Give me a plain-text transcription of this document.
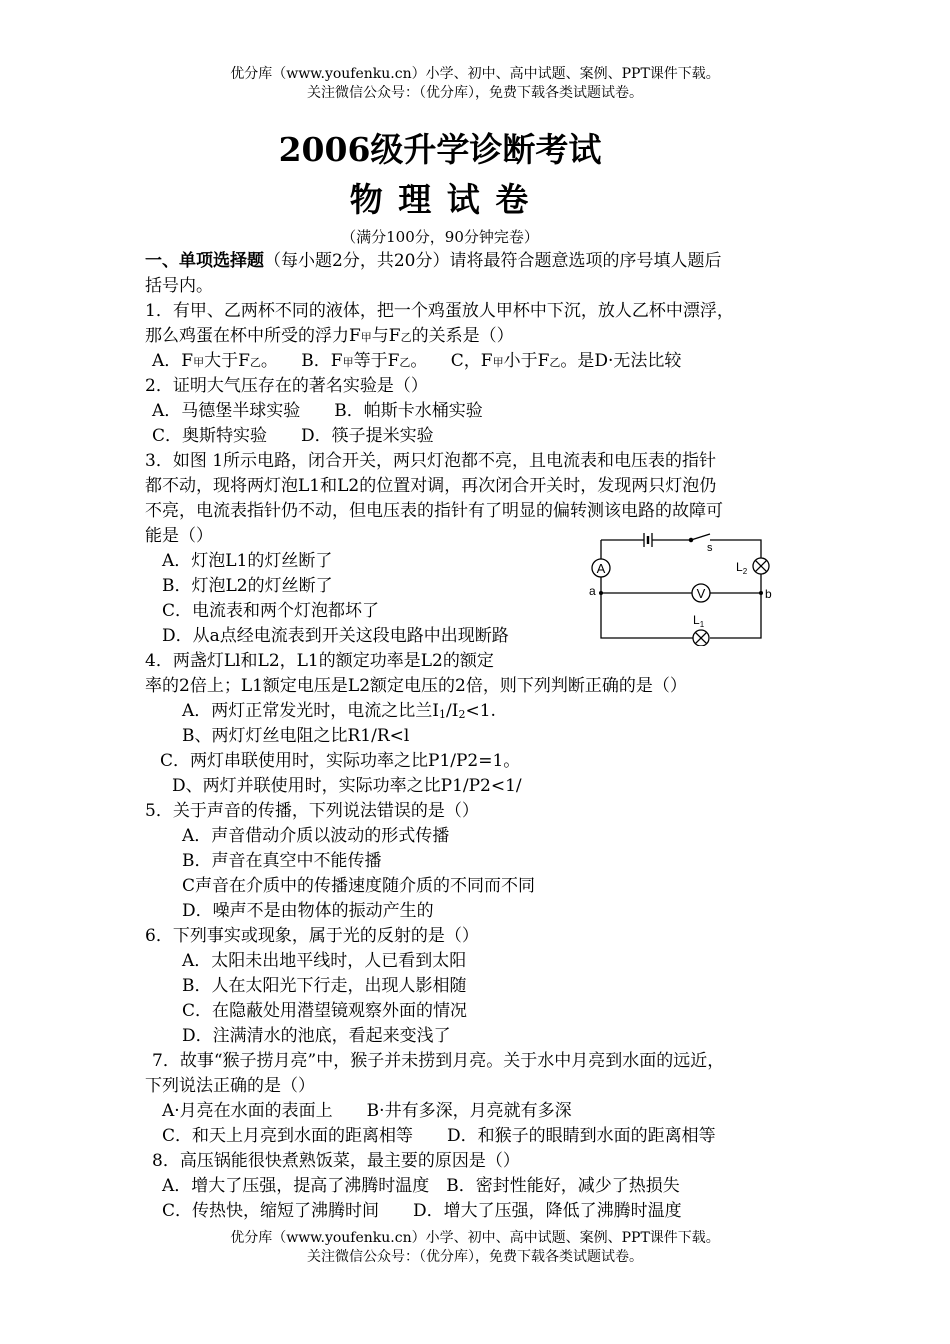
优分库（www.youfenku.cn）小学、初中、高中试题、案例、PPT课件下载。
关注微信公众号：（优分库），免费下载各类试题试卷。
2006级升学诊断考试
物 理 试 卷
（满分100分，90分钟完卷）
一、单项选择题（每小题2分，共20分）请将最符合题意选项的序号填人题后
括号内。
1．有甲、乙两杯不同的液体，把一个鸡蛋放人甲杯中下沉，放人乙杯中漂浮，
那么鸡蛋在杯中所受的浮力F甲与F乙的关系是（）
A．F甲大于F乙。 B．F甲等于F乙。 C，F甲小于F乙。是D·无法比较
2．证明大气压存在的著名实验是（）
A．马德堡半球实验　　B．帕斯卡水桶实验
C．奥斯特实验　　D．筷子提米实验
3．如图 1所示电路，闭合开关，两只灯泡都不亮，且电流表和电压表的指针
都不动，现将两灯泡L1和L2的位置对调，再次闭合开关时，发现两只灯泡仍
不亮，电流表指针仍不动，但电压表的指针有了明显的偏转测该电路的故障可
能是（）
A．灯泡L1的灯丝断了
B．灯泡L2的灯丝断了
C．电流表和两个灯泡都坏了
D．从a点经电流表到开关这段电路中出现断路
A
V
s
$L_2$
$L_1$
a	b
4．两盏灯Ll和L2，L1的额定功率是L2的额定
率的2倍上；L1额定电压是L2额定电压的2倍，则下列判断正确的是（）
A．两灯正常发光时，电流之比兰I1/I2<1.
B、两灯灯丝电阻之比R1/R<l
C．两灯串联使用时，实际功率之比P1/P2=1。
D、两灯并联使用时，实际功率之比P1/P2<1/
5．关于声音的传播，下列说法错误的是（）
A．声音借动介质以波动的形式传播
B．声音在真空中不能传播
C声音在介质中的传播速度随介质的不同而不同
D．噪声不是由物体的振动产生的
6．下列事实或现象，属于光的反射的是（）
A．太阳未出地平线时，人已看到太阳
B．人在太阳光下行走，出现人影相随
C．在隐蔽处用潜望镜观察外面的情况
D．注满清水的池底，看起来变浅了
7．故事“猴子捞月亮”中，猴子并未捞到月亮。关于水中月亮到水面的远近，
下列说法正确的是（）
A·月亮在水面的表面上　　B·井有多深，月亮就有多深
C．和天上月亮到水面的距离相等　　D．和猴子的眼睛到水面的距离相等
8．高压锅能很快煮熟饭菜，最主要的原因是（）
A．增大了压强，提高了沸腾时温度　B．密封性能好，减少了热损失
C．传热快，缩短了沸腾时间　　D．增大了压强，降低了沸腾时温度
优分库（www.youfenku.cn）小学、初中、高中试题、案例、PPT课件下载。
关注微信公众号：（优分库），免费下载各类试题试卷。
